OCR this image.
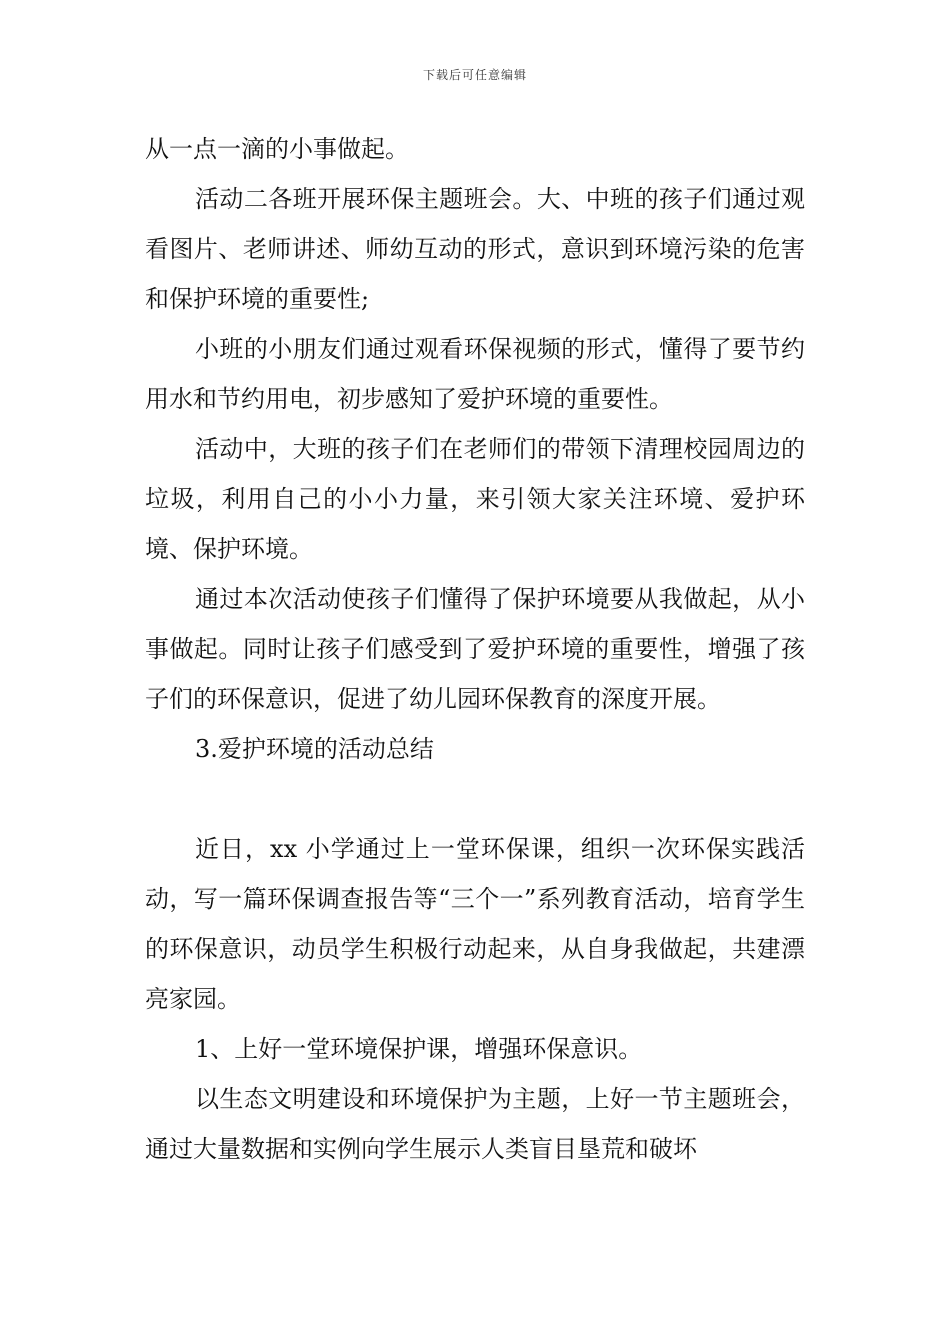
下载后可任意编辑

从一点一滴的小事做起。

活动二各班开展环保主题班会。大、中班的孩子们通过观看图片、老师讲述、师幼互动的形式，意识到环境污染的危害和保护环境的重要性;

小班的小朋友们通过观看环保视频的形式，懂得了要节约用水和节约用电，初步感知了爱护环境的重要性。

活动中，大班的孩子们在老师们的带领下清理校园周边的垃圾，利用自己的小小力量，来引领大家关注环境、爱护环境、保护环境。

通过本次活动使孩子们懂得了保护环境要从我做起，从小事做起。同时让孩子们感受到了爱护环境的重要性，增强了孩子们的环保意识，促进了幼儿园环保教育的深度开展。

3.爱护环境的活动总结

近日，xx 小学通过上一堂环保课，组织一次环保实践活动，写一篇环保调查报告等“三个一”系列教育活动，培育学生的环保意识，动员学生积极行动起来，从自身我做起，共建漂亮家园。

1、上好一堂环境保护课，增强环保意识。

以生态文明建设和环境保护为主题，上好一节主题班会，通过大量数据和实例向学生展示人类盲目垦荒和破坏
